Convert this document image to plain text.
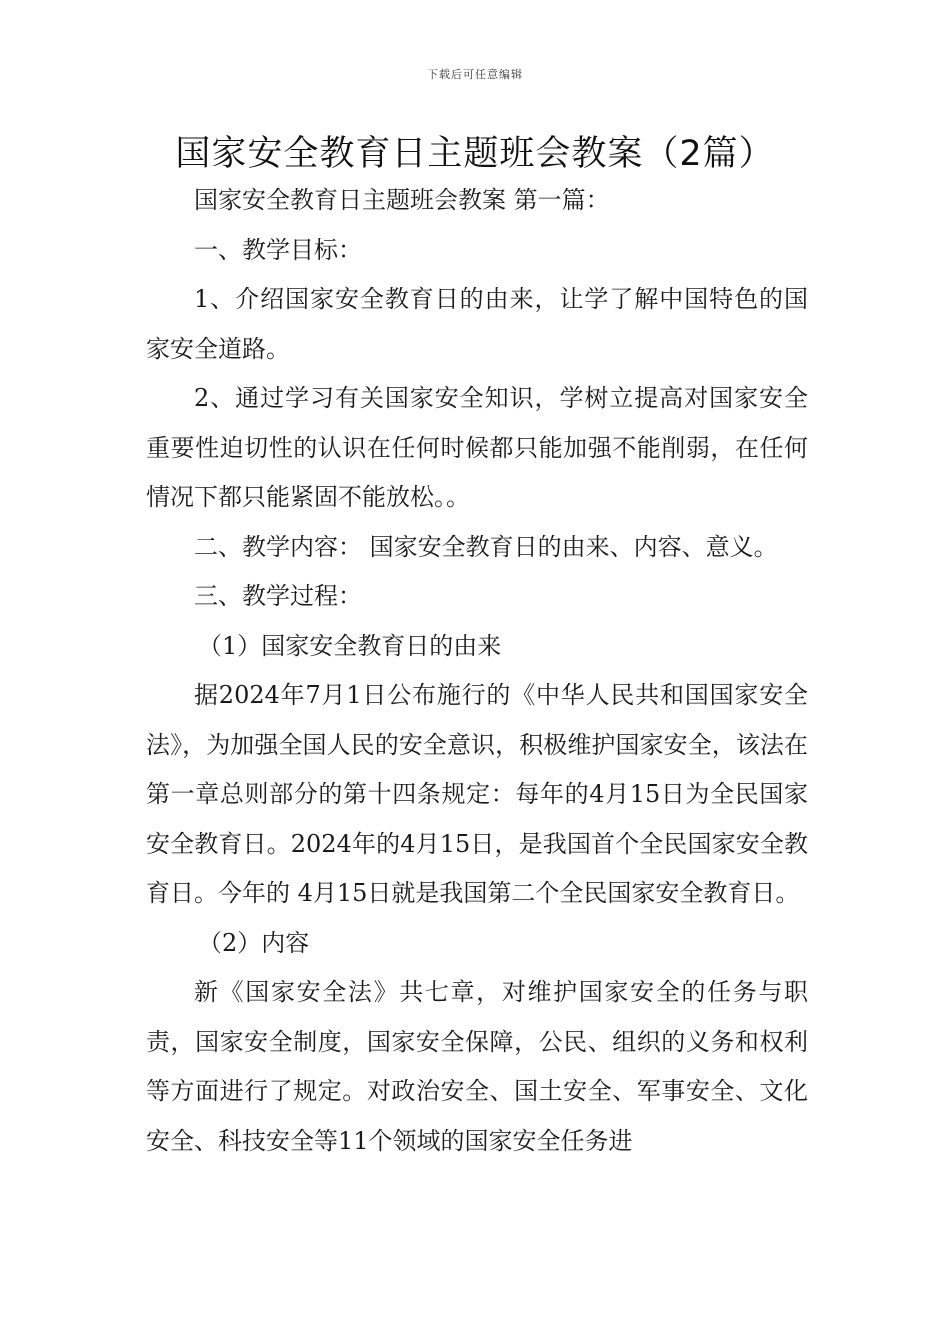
下载后可任意编辑
国家安全教育日主题班会教案（2篇）

国家安全教育日主题班会教案 第一篇：

一、教学目标：

1、介绍国家安全教育日的由来，让学了解中国特色的国家安全道路。

2、通过学习有关国家安全知识，学树立提高对国家安全重要性迫切性的认识在任何时候都只能加强不能削弱，在任何情况下都只能紧固不能放松。。

二、教学内容： 国家安全教育日的由来、内容、意义。

三、教学过程：

（1）国家安全教育日的由来

据2024年7月1日公布施行的《中华人民共和国国家安全法》，为加强全国人民的安全意识，积极维护国家安全，该法在第一章总则部分的第十四条规定：每年的4月15日为全民国家安全教育日。2024年的4月15日，是我国首个全民国家安全教育日。今年的 4月15日就是我国第二个全民国家安全教育日。

（2）内容

新《国家安全法》共七章，对维护国家安全的任务与职责，国家安全制度，国家安全保障，公民、组织的义务和权利等方面进行了规定。对政治安全、国土安全、军事安全、文化安全、科技安全等11个领域的国家安全任务进
